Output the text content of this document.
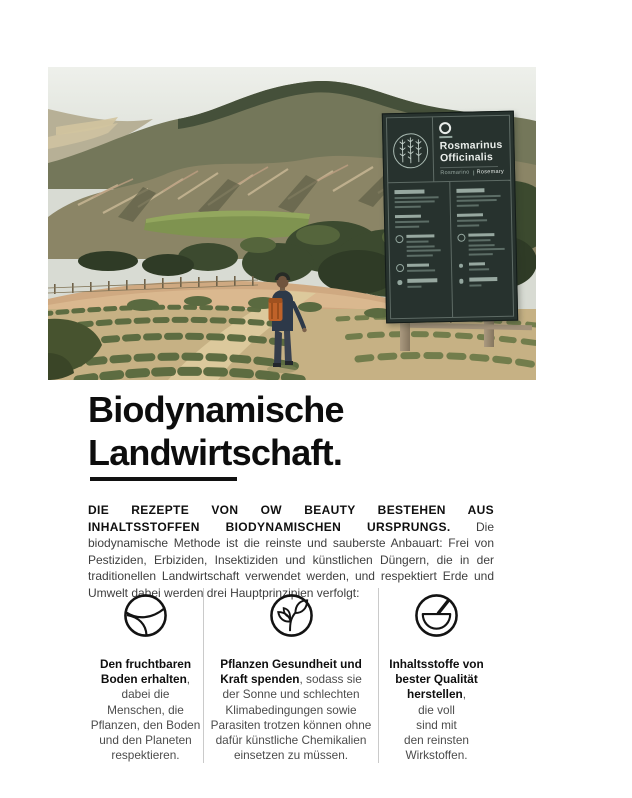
Rosmarinus
Officinalis
Rosmarino Rosemary
Biodynamische
Landwirtschaft.

DIE REZEPTE VON OW BEAUTY BESTEHEN AUS INHALTSSTOFFEN BIODYNAMISCHEN URSPRUNGS. Die biodynamische Methode ist die reinste und sauberste Anbauart: Frei von Pestiziden, Erbiziden, Insektiziden und künstlichen Düngern, die in der traditionellen Landwirtschaft verwendet werden, und respektiert Erde und Umwelt dabei werden drei Hauptprinzipien verfolgt:

Den fruchtbaren
Boden erhalten,
dabei die
Menschen, die
Pflanzen, den Boden
und den Planeten
respektieren.
Pflanzen Gesundheit und
Kraft spenden, sodass sie
der Sonne und schlechten
Klimabedingungen sowie
Parasiten trotzen können ohne
dafür künstliche Chemikalien
einsetzen zu müssen.
Inhaltsstoffe von
bester Qualität
herstellen,
die voll
sind mit
den reinsten
Wirkstoffen.
